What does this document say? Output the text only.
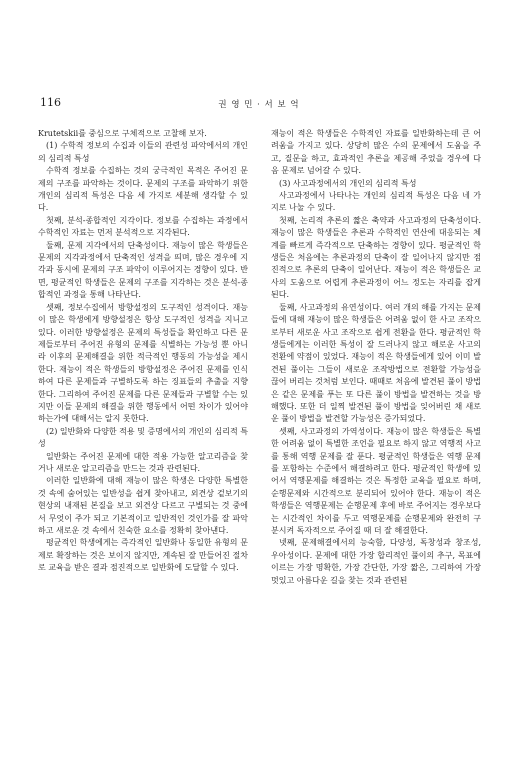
116	권 영 민 · 서 보 억

Krutetskii를 중심으로 구체적으로 고찰해 보자.

(1) 수학적 정보의 수집과 이들의 관련성 파악에서의 개인의 심리적 특성

수학적 정보를 수집하는 것의 궁극적인 목적은 주어진 문제의 구조를 파악하는 것이다. 문제의 구조를 파악하기 위한 개인의 심리적 특성은 다음 세 가지로 세분해 생각할 수 있다.

첫째, 분석-종합적인 지각이다. 정보를 수집하는 과정에서 수학적인 자료는 먼저 분석적으로 지각된다.

둘째, 문제 지각에서의 단축성이다. 재능이 많은 학생들은 문제의 지각과정에서 단축적인 성격을 띄며, 많은 경우에 지각과 동시에 문제의 구조 파악이 이루어지는 경향이 있다. 반면, 평균적인 학생들은 문제의 구조를 지각하는 것은 분석-종합적인 과정을 통해 나타난다.

셋째, 정보수집에서 방향설정의 도구적인 성격이다. 재능이 많은 학생에게 방향설정은 항상 도구적인 성격을 지니고 있다. 이러한 방향설정은 문제의 특성들을 확인하고 다른 문제들로부터 주어진 유형의 문제를 식별하는 가능성 뿐 아니라 이후의 문제해결을 위한 적극적인 행동의 가능성을 제시한다. 재능이 적은 학생들의 방향설정은 주어진 문제를 인식하여 다른 문제들과 구별하도록 하는 징표들의 추출을 지향한다. 그리하여 주어진 문제를 다른 문제들과 구별할 수는 있지만 이들 문제의 해결을 위한 행동에서 어떤 차이가 있어야 하는가에 대해서는 알지 못한다.

(2) 일반화와 다양한 적용 및 증명에서의 개인의 심리적 특성

일반화는 주어진 문제에 대한 적용 가능한 알고리즘을 찾거나 새로운 알고리즘을 만드는 것과 관련된다.

이러한 일반화에 대해 재능이 많은 학생은 다양한 특별한 것 속에 숨어있는 일반성을 쉽게 찾아내고, 외견상 겉보기의 현상의 내재된 본질을 보고 외견상 다르고 구별되는 것 중에서 무엇이 주가 되고 기본적이고 일반적인 것인가를 잘 파악하고 새로운 것 속에서 친숙한 요소를 정확히 찾아낸다.

평균적인 학생에게는 즉각적인 일반화나 동일한 유형의 문제로 확장하는 것은 보이지 않지만, 계속된 잘 만들어진 절차로 교육을 받은 결과 점진적으로 일반화에 도달할 수 있다.

재능이 적은 학생들은 수학적인 자료를 일반화하는데 큰 어려움을 가지고 있다. 상당히 많은 수의 문제에서 도움을 주고, 질문을 하고, 효과적인 추론을 제공해 주었을 경우에 다음 문제로 넘어갈 수 있다.

(3) 사고과정에서의 개인의 심리적 특성

사고과정에서 나타나는 개인의 심리적 특성은 다음 네 가지로 나눌 수 있다.

첫째, 논리적 추론의 짧은 축약과 사고과정의 단축성이다. 재능이 많은 학생들은 추론과 수학적인 연산에 대응되는 체계를 빠르게 즉각적으로 단축하는 경향이 있다. 평균적인 학생들은 처음에는 추론과정의 단축이 잘 일어나지 않지만 점진적으로 추론의 단축이 일어난다. 재능이 적은 학생들은 교사의 도움으로 어렵게 추론과정이 어느 정도는 자리를 잡게 된다.

둘째, 사고과정의 유연성이다. 여러 개의 해를 가지는 문제들에 대해 재능이 많은 학생들은 어려움 없이 한 사고 조작으로부터 새로운 사고 조작으로 쉽게 전환을 한다. 평균적인 학생들에게는 이러한 특성이 잘 드러나지 않고 해로운 사고의 전환에 약점이 있었다. 재능이 적은 학생들에게 있어 이미 발견된 풀이는 그들이 새로운 조작방법으로 전환할 가능성을 끊어 버리는 것처럼 보인다. 때때로 처음에 발견된 풀이 방법은 같은 문제를 푸는 또 다른 풀이 방법을 발견하는 것을 방해했다. 또한 더 일찍 발견된 풀이 방법을 잊어버린 채 새로운 풀이 방법을 발견할 가능성은 증가되었다.

셋째, 사고과정의 가역성이다. 재능이 많은 학생들은 특별한 어려움 없이 특별한 조언을 필요로 하지 않고 역행적 사고를 통해 역행 문제를 잘 푼다. 평균적인 학생들은 역행 문제를 포함하는 수준에서 해결하려고 한다. 평균적인 학생에 있어서 역행문제를 해결하는 것은 특정한 교육을 필요로 하며, 순행문제와 시간적으로 분리되어 있어야 한다. 재능이 적은 학생들은 역행문제는 순행문제 후에 바로 주어지는 경우보다는 시간적인 차이를 두고 역행문제를 순행문제와 완전히 구분시켜 독자적으로 주어질 때 더 잘 해결한다.

넷째, 문제해결에서의 능숙함, 다양성, 독창성과 창조성, 우아성이다. 문제에 대한 가장 합리적인 풀이의 추구, 목표에 이르는 가장 명확한, 가장 간단한, 가장 짧은, 그리하여 가장 멋있고 아름다운 길을 찾는 것과 관련된
